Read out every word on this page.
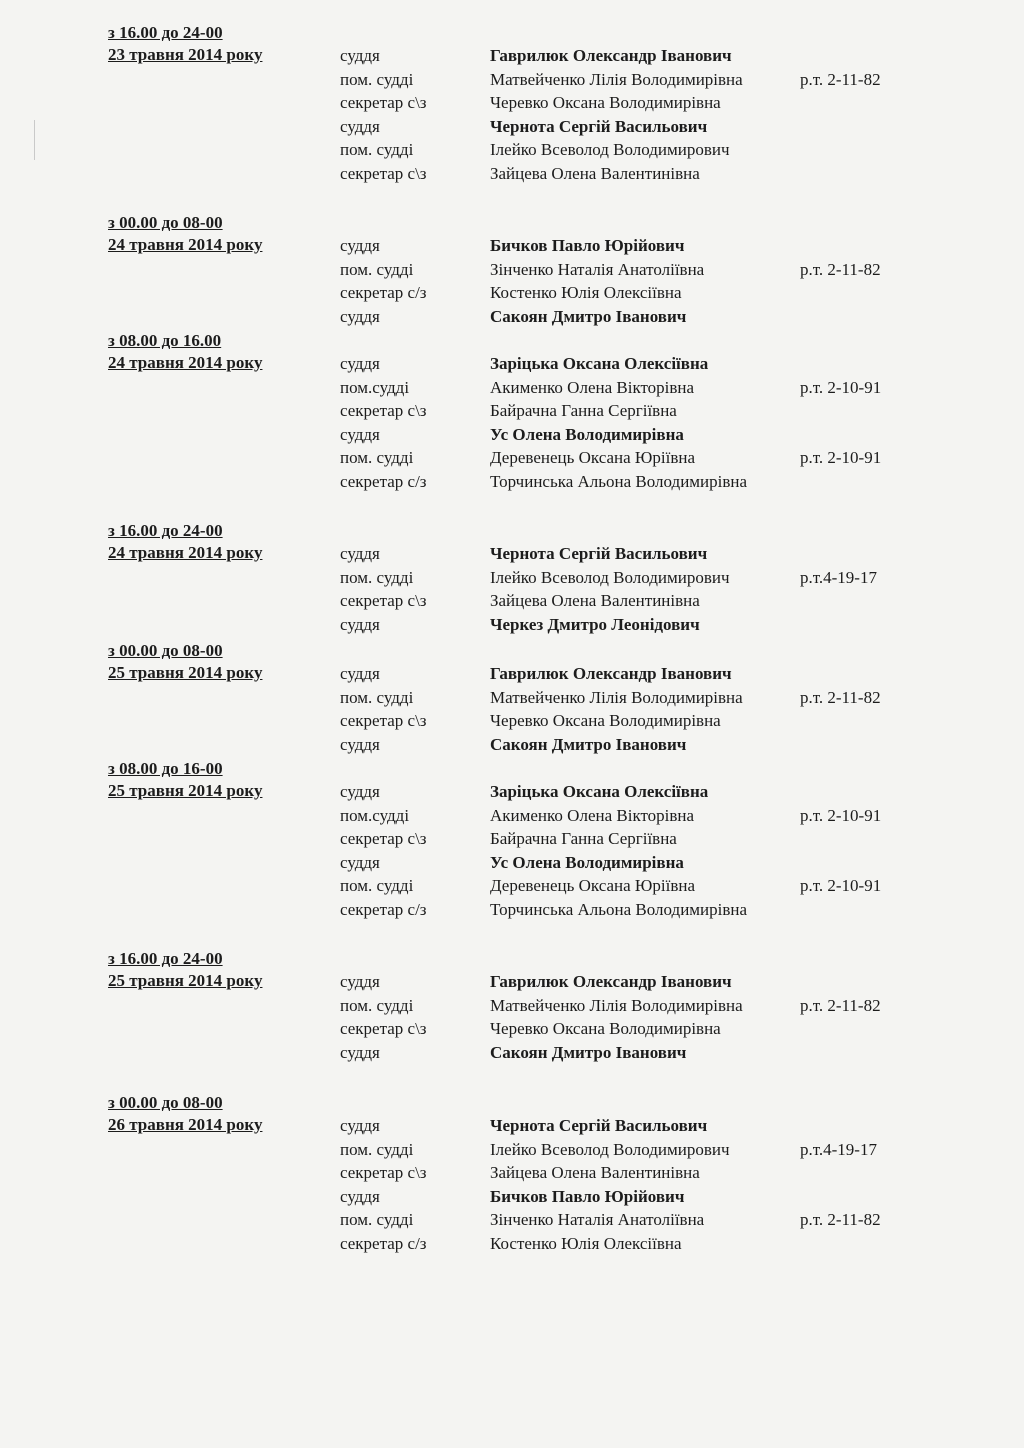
з 16.00 до 24-00
23 травня 2014 року	суддя	Гаврилюк Олександр Іванович
пом. судді	Матвейченко Лілія Володимирівна	р.т. 2-11-82
секретар с\з	Черевко Оксана Володимирівна
суддя	Чернота Сергій Васильович
пом. судді	Ілейко Всеволод Володимирович
секретар с\з	Зайцева Олена Валентинівна
з 00.00 до 08-00
24 травня 2014 року	суддя	Бичков Павло Юрійович
пом. судді	Зінченко Наталія Анатоліївна	р.т. 2-11-82
секретар с/з	Костенко Юлія Олексіївна
суддя	Сакоян Дмитро Іванович
з 08.00 до 16.00
24 травня 2014 року	суддя	Заріцька Оксана Олексіївна
пом.судді	Акименко Олена Вікторівна	р.т. 2-10-91
секретар с\з	Байрачна Ганна Сергіївна
суддя	Ус Олена Володимирівна
пом. судді	Деревенець Оксана Юріївна	р.т. 2-10-91
секретар с/з	Торчинська Альона Володимирівна
з 16.00 до 24-00
24 травня 2014 року	суддя	Чернота Сергій Васильович
пом. судді	Ілейко Всеволод Володимирович	р.т.4-19-17
секретар с\з	Зайцева Олена Валентинівна
суддя	Черкез Дмитро Леонідович
з 00.00 до 08-00
25 травня 2014 року	суддя	Гаврилюк Олександр Іванович
пом. судді	Матвейченко Лілія Володимирівна	р.т. 2-11-82
секретар с\з	Черевко Оксана Володимирівна
суддя	Сакоян Дмитро Іванович
з 08.00 до 16-00
25 травня 2014 року	суддя	Заріцька Оксана Олексіївна
пом.судді	Акименко Олена Вікторівна	р.т. 2-10-91
секретар с\з	Байрачна Ганна Сергіївна
суддя	Ус Олена Володимирівна
пом. судді	Деревенець Оксана Юріївна	р.т. 2-10-91
секретар с/з	Торчинська Альона Володимирівна
з 16.00 до 24-00
25 травня 2014 року	суддя	Гаврилюк Олександр Іванович
пом. судді	Матвейченко Лілія Володимирівна	р.т. 2-11-82
секретар с\з	Черевко Оксана Володимирівна
суддя	Сакоян Дмитро Іванович
з 00.00 до 08-00
26 травня 2014 року	суддя	Чернота Сергій Васильович
пом. судді	Ілейко Всеволод Володимирович	р.т.4-19-17
секретар с\з	Зайцева Олена Валентинівна
суддя	Бичков Павло Юрійович
пом. судді	Зінченко Наталія Анатоліївна	р.т. 2-11-82
секретар с/з	Костенко Юлія Олексіївна
